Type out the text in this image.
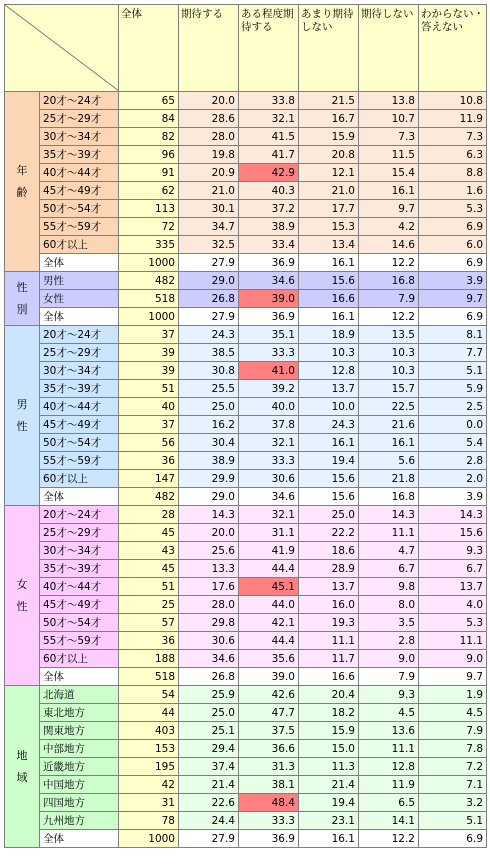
	全体	期待する	ある程度期待する	あまり期待しない	期待しない	わからない・答えない
年
齢	20才～24才	65	20.0	33.8	21.5	13.8	10.8
	25才～29才	84	28.6	32.1	16.7	10.7	11.9
	30才～34才	82	28.0	41.5	15.9	7.3	7.3
	35才～39才	96	19.8	41.7	20.8	11.5	6.3
	40才～44才	91	20.9	42.9	12.1	15.4	8.8
	45才～49才	62	21.0	40.3	21.0	16.1	1.6
	50才～54才	113	30.1	37.2	17.7	9.7	5.3
	55才～59才	72	34.7	38.9	15.3	4.2	6.9
	60才以上	335	32.5	33.4	13.4	14.6	6.0
	全体	1000	27.9	36.9	16.1	12.2	6.9
性
別	男性	482	29.0	34.6	15.6	16.8	3.9
	女性	518	26.8	39.0	16.6	7.9	9.7
	全体	1000	27.9	36.9	16.1	12.2	6.9
男
性	20才～24才	37	24.3	35.1	18.9	13.5	8.1
	25才～29才	39	38.5	33.3	10.3	10.3	7.7
	30才～34才	39	30.8	41.0	12.8	10.3	5.1
	35才～39才	51	25.5	39.2	13.7	15.7	5.9
	40才～44才	40	25.0	40.0	10.0	22.5	2.5
	45才～49才	37	16.2	37.8	24.3	21.6	0.0
	50才～54才	56	30.4	32.1	16.1	16.1	5.4
	55才～59才	36	38.9	33.3	19.4	5.6	2.8
	60才以上	147	29.9	30.6	15.6	21.8	2.0
	全体	482	29.0	34.6	15.6	16.8	3.9
女
性	20才～24才	28	14.3	32.1	25.0	14.3	14.3
	25才～29才	45	20.0	31.1	22.2	11.1	15.6
	30才～34才	43	25.6	41.9	18.6	4.7	9.3
	35才～39才	45	13.3	44.4	28.9	6.7	6.7
	40才～44才	51	17.6	45.1	13.7	9.8	13.7
	45才～49才	25	28.0	44.0	16.0	8.0	4.0
	50才～54才	57	29.8	42.1	19.3	3.5	5.3
	55才～59才	36	30.6	44.4	11.1	2.8	11.1
	60才以上	188	34.6	35.6	11.7	9.0	9.0
	全体	518	26.8	39.0	16.6	7.9	9.7
地
域	北海道	54	25.9	42.6	20.4	9.3	1.9
	東北地方	44	25.0	47.7	18.2	4.5	4.5
	関東地方	403	25.1	37.5	15.9	13.6	7.9
	中部地方	153	29.4	36.6	15.0	11.1	7.8
	近畿地方	195	37.4	31.3	11.3	12.8	7.2
	中国地方	42	21.4	38.1	21.4	11.9	7.1
	四国地方	31	22.6	48.4	19.4	6.5	3.2
	九州地方	78	24.4	33.3	23.1	14.1	5.1
	全体	1000	27.9	36.9	16.1	12.2	6.9
